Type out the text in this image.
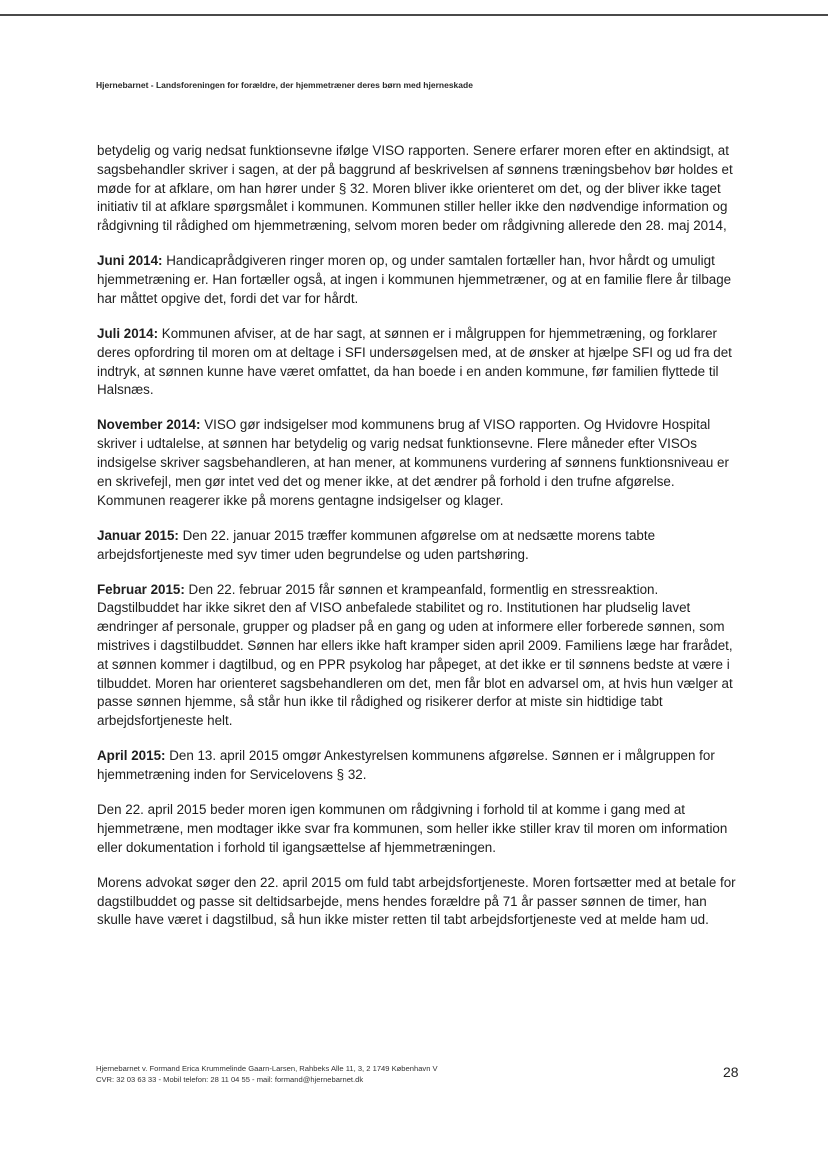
Hjernebarnet - Landsforeningen for forældre, der hjemmetræner deres børn med hjerneskade

betydelig og varig nedsat funktionsevne ifølge VISO rapporten. Senere erfarer moren efter en aktindsigt, at sagsbehandler skriver i sagen, at der på baggrund af beskrivelsen af sønnens træningsbehov bør holdes et møde for at afklare, om han hører under § 32. Moren bliver ikke orienteret om det, og der bliver ikke taget initiativ til at afklare spørgsmålet i kommunen. Kommunen stiller heller ikke den nødvendige information og rådgivning til rådighed om hjemmetræning, selvom moren beder om rådgivning allerede den 28. maj 2014,

Juni 2014: Handicaprådgiveren ringer moren op, og under samtalen fortæller han, hvor hårdt og umuligt hjemmetræning er. Han fortæller også, at ingen i kommunen hjemmetræner, og at en familie flere år tilbage har måttet opgive det, fordi det var for hårdt.

Juli 2014: Kommunen afviser, at de har sagt, at sønnen er i målgruppen for hjemmetræning, og forklarer deres opfordring til moren om at deltage i SFI undersøgelsen med, at de ønsker at hjælpe SFI og ud fra det indtryk, at sønnen kunne have været omfattet, da han boede i en anden kommune, før familien flyttede til Halsnæs.

November 2014: VISO gør indsigelser mod kommunens brug af VISO rapporten. Og Hvidovre Hospital skriver i udtalelse, at sønnen har betydelig og varig nedsat funktionsevne. Flere måneder efter VISOs indsigelse skriver sagsbehandleren, at han mener, at kommunens vurdering af sønnens funktionsniveau er en skrivefejl, men gør intet ved det og mener ikke, at det ændrer på forhold i den trufne afgørelse. Kommunen reagerer ikke på morens gentagne indsigelser og klager.

Januar 2015: Den 22. januar 2015 træffer kommunen afgørelse om at nedsætte morens tabte arbejdsfortjeneste med syv timer uden begrundelse og uden partshøring.

Februar 2015: Den 22. februar 2015 får sønnen et krampeanfald, formentlig en stressreaktion. Dagstilbuddet har ikke sikret den af VISO anbefalede stabilitet og ro. Institutionen har pludselig lavet ændringer af personale, grupper og pladser på en gang og uden at informere eller forberede sønnen, som mistrives i dagstilbuddet. Sønnen har ellers ikke haft kramper siden april 2009. Familiens læge har frarådet, at sønnen kommer i dagtilbud, og en PPR psykolog har påpeget, at det ikke er til sønnens bedste at være i tilbuddet. Moren har orienteret sagsbehandleren om det, men får blot en advarsel om, at hvis hun vælger at passe sønnen hjemme, så står hun ikke til rådighed og risikerer derfor at miste sin hidtidige tabt arbejdsfortjeneste helt.

April 2015: Den 13. april 2015 omgør Ankestyrelsen kommunens afgørelse. Sønnen er i målgruppen for hjemmetræning inden for Servicelovens § 32.

Den 22. april 2015 beder moren igen kommunen om rådgivning i forhold til at komme i gang med at hjemmetræne, men modtager ikke svar fra kommunen, som heller ikke stiller krav til moren om information eller dokumentation i forhold til igangsættelse af hjemmetræningen.

Morens advokat søger den 22. april 2015 om fuld tabt arbejdsfortjeneste. Moren fortsætter med at betale for dagstilbuddet og passe sit deltidsarbejde, mens hendes forældre på 71 år passer sønnen de timer, han skulle have været i dagstilbud, så hun ikke mister retten til tabt arbejdsfortjeneste ved at melde ham ud.

Hjernebarnet v. Formand Erica Krummelinde Gaarn-Larsen, Rahbeks Alle 11, 3, 2 1749 København V
CVR: 32 03 63 33 - Mobil telefon: 28 11 04 55 - mail: formand@hjernebarnet.dk	28
